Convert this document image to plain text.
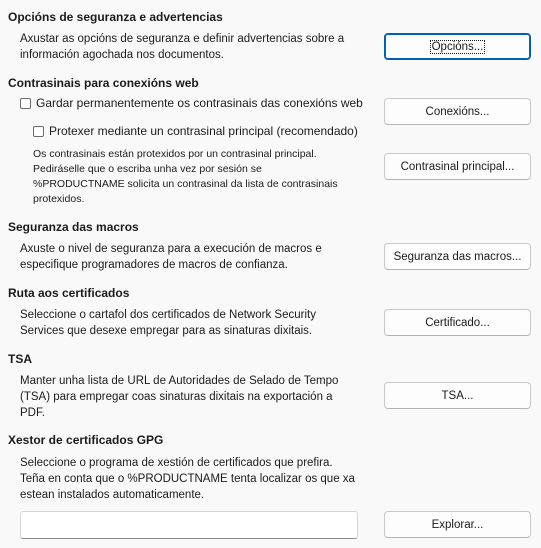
Opcións de seguranza e advertencias
Axustar as opcións de seguranza e definir advertencias sobre a
información agochada nos documentos.
Opcións...
Contrasinais para conexións web
Gardar permanentemente os contrasinais das conexións web
Conexións...
Protexer mediante un contrasinal principal (recomendado)
Os contrasinais están protexidos por un contrasinal principal.
Pediráselle que o escriba unha vez por sesión se
%PRODUCTNAME solicita un contrasinal da lista de contrasinais
protexidos.
Contrasinal principal...
Seguranza das macros
Axuste o nivel de seguranza para a execución de macros e
especifique programadores de macros de confianza.
Seguranza das macros...
Ruta aos certificados
Seleccione o cartafol dos certificados de Network Security
Services que desexe empregar para as sinaturas dixitais.
Certificado...
TSA
Manter unha lista de URL de Autoridades de Selado de Tempo
(TSA) para empregar coas sinaturas dixitais na exportación a
PDF.
TSA...
Xestor de certificados GPG
Seleccione o programa de xestión de certificados que prefira.
Teña en conta que o %PRODUCTNAME tenta localizar os que xa
estean instalados automaticamente.
Explorar...
